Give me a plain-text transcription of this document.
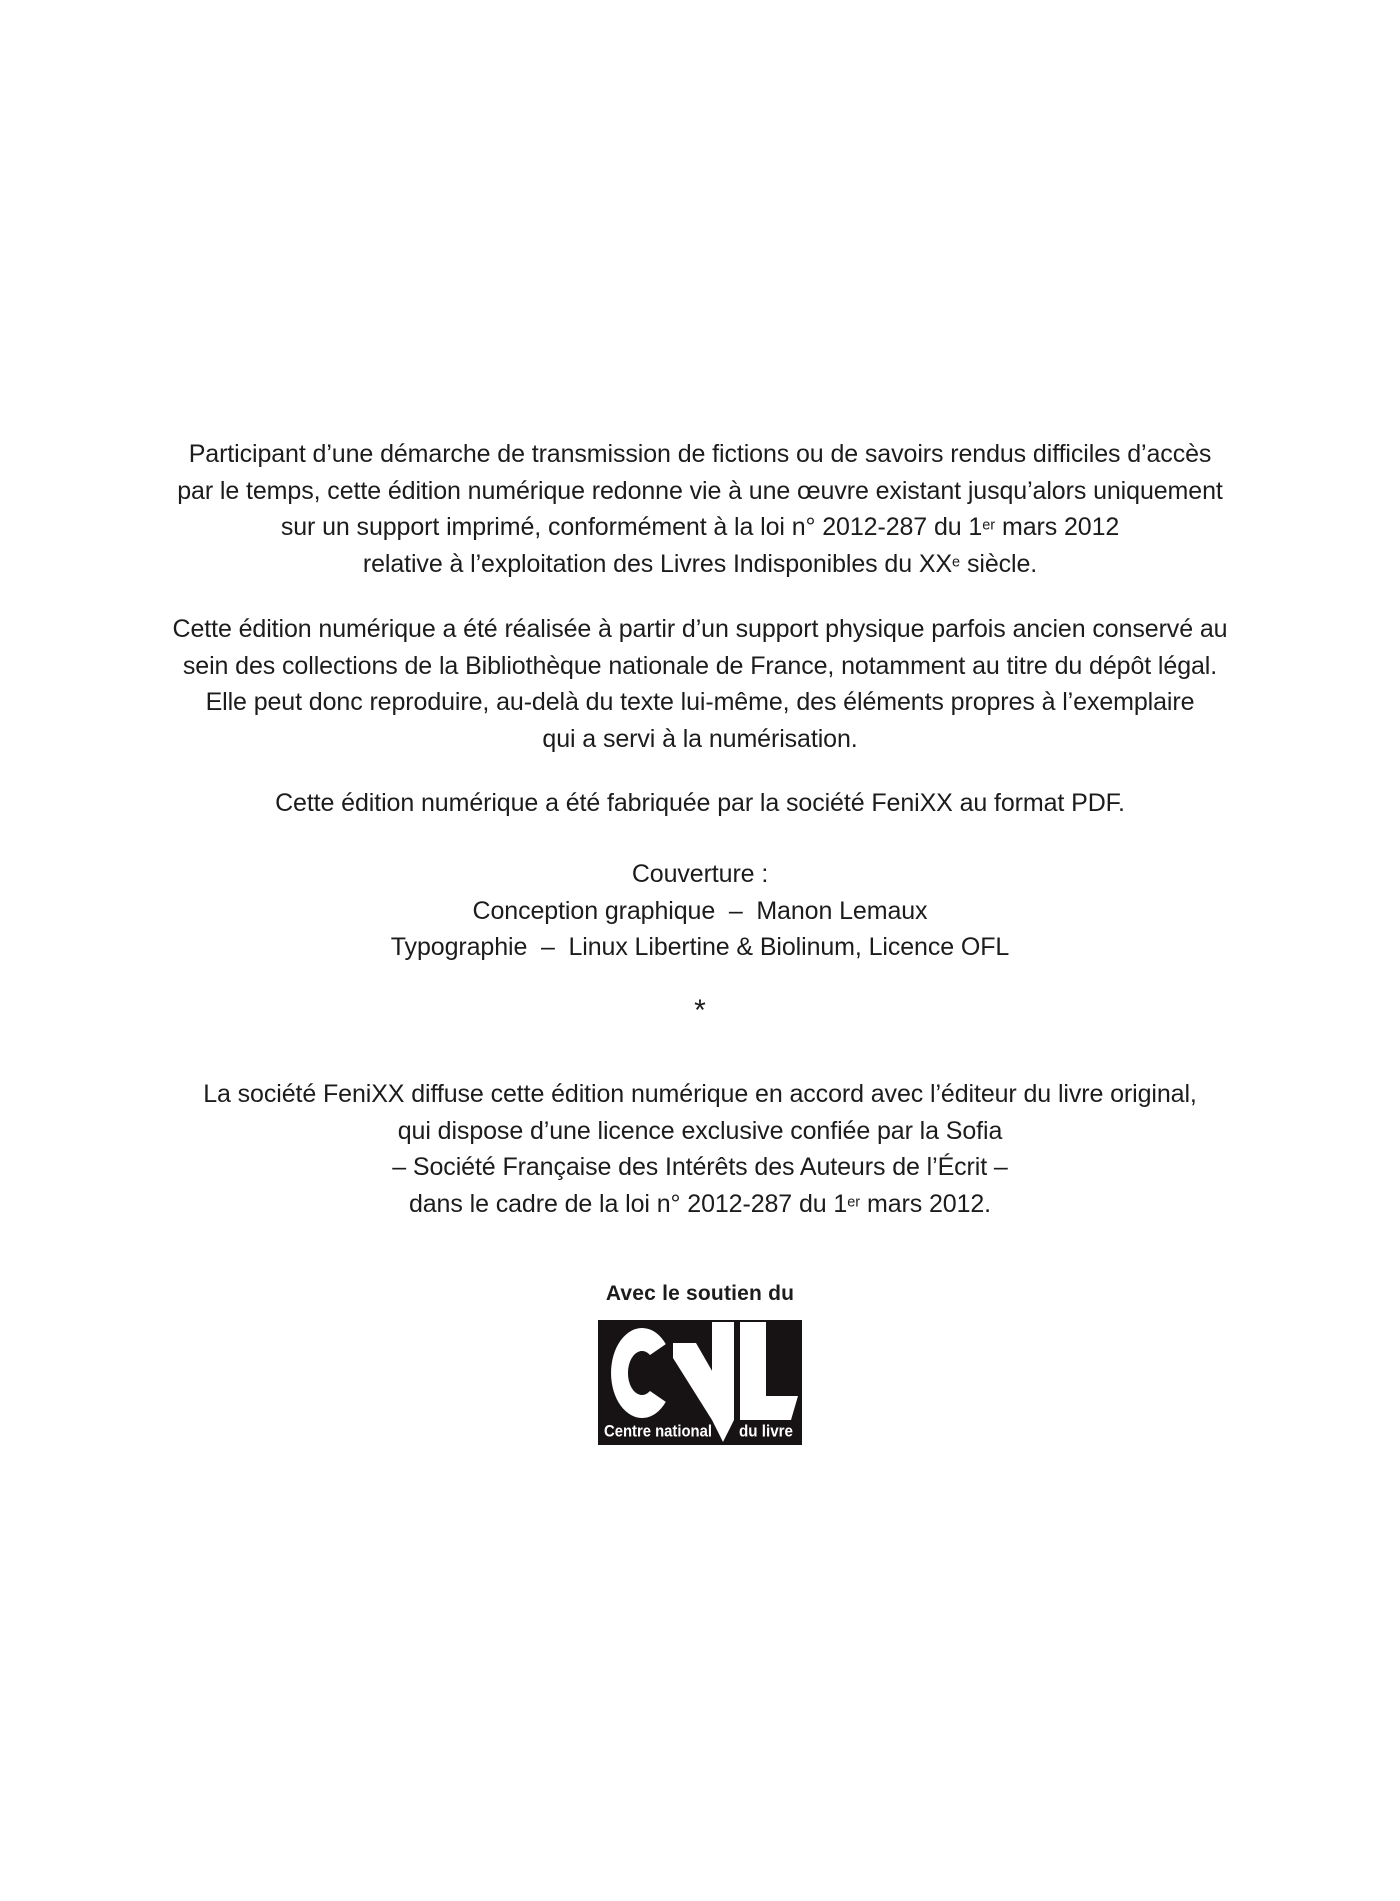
Participant d’une démarche de transmission de fictions ou de savoirs rendus difficiles d’accès
par le temps, cette édition numérique redonne vie à une œuvre existant jusqu’alors uniquement
sur un support imprimé, conformément à la loi n° 2012-287 du 1er mars 2012
relative à l’exploitation des Livres Indisponibles du XXe siècle.
Cette édition numérique a été réalisée à partir d’un support physique parfois ancien conservé au
sein des collections de la Bibliothèque nationale de France, notamment au titre du dépôt légal.
Elle peut donc reproduire, au-delà du texte lui-même, des éléments propres à l’exemplaire
qui a servi à la numérisation.
Cette édition numérique a été fabriquée par la société FeniXX au format PDF.
Couverture :
Conception graphique  –  Manon Lemaux
Typographie  –  Linux Libertine & Biolinum, Licence OFL
*
La société FeniXX diffuse cette édition numérique en accord avec l’éditeur du livre original,
qui dispose d’une licence exclusive confiée par la Sofia
– Société Française des Intérêts des Auteurs de l’Écrit –
dans le cadre de la loi n° 2012-287 du 1er mars 2012.
Avec le soutien du
Centre national du livre
